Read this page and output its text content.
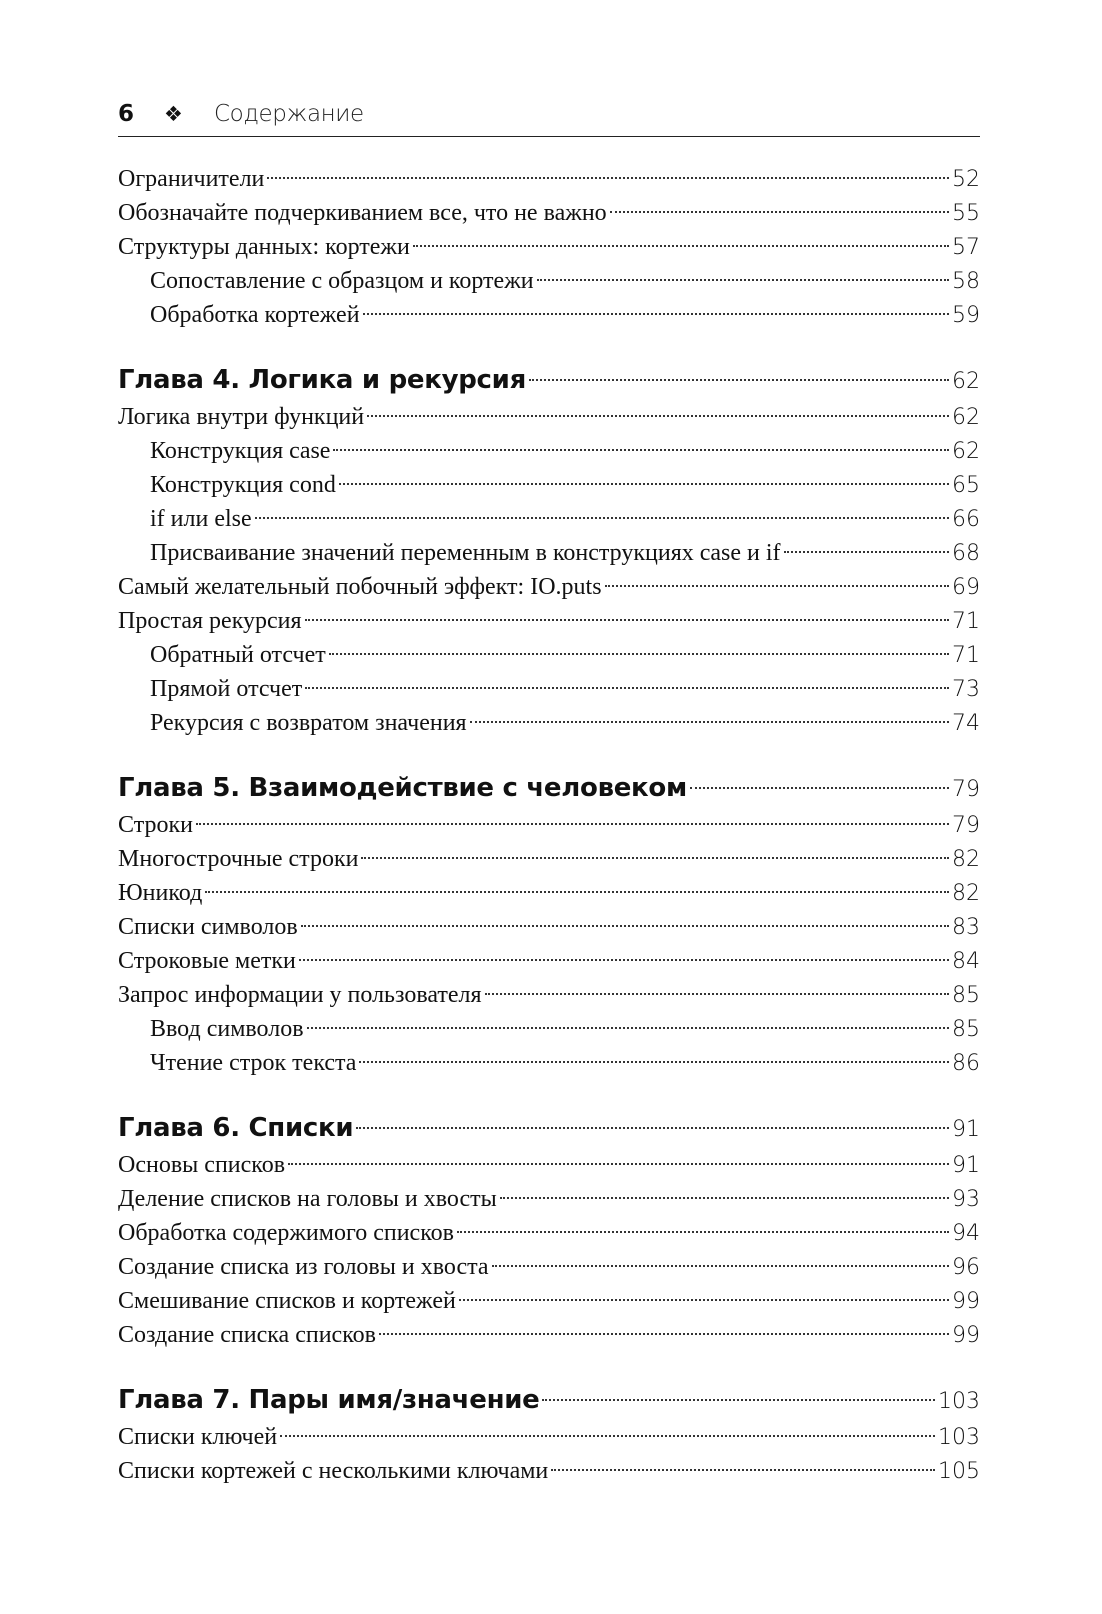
6 ❖ Содержание
Ограничители	52
Обозначайте подчеркиванием все, что не важно	55
Структуры данных: кортежи	57
Сопоставление с образцом и кортежи	58
Обработка кортежей	59
Глава 4. Логика и рекурсия	62
Логика внутри функций	62
Конструкция case	62
Конструкция cond	65
if или else	66
Присваивание значений переменным в конструкциях case и if	68
Самый желательный побочный эффект: IO.puts	69
Простая рекурсия	71
Обратный отсчет	71
Прямой отсчет	73
Рекурсия с возвратом значения	74
Глава 5. Взаимодействие с человеком	79
Строки	79
Многострочные строки	82
Юникод	82
Списки символов	83
Строковые метки	84
Запрос информации у пользователя	85
Ввод символов	85
Чтение строк текста	86
Глава 6. Списки	91
Основы списков	91
Деление списков на головы и хвосты	93
Обработка содержимого списков	94
Создание списка из головы и хвоста	96
Смешивание списков и кортежей	99
Создание списка списков	99
Глава 7. Пары имя/значение	103
Списки ключей	103
Списки кортежей с несколькими ключами	105
